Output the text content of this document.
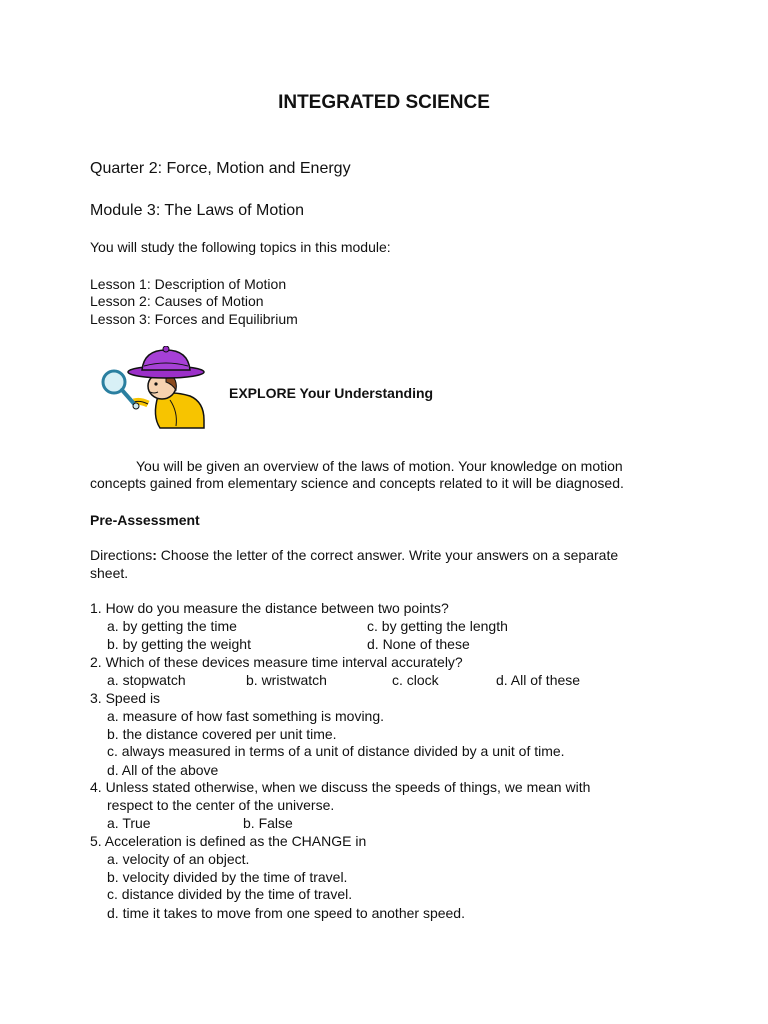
INTEGRATED SCIENCE
Quarter 2: Force, Motion and Energy
Module 3: The Laws of Motion
You will study the following topics in this module:
Lesson 1: Description of Motion
Lesson 2: Causes of Motion
Lesson 3: Forces and Equilibrium
EXPLORE Your Understanding
You will be given an overview of the laws of motion. Your knowledge on motion
concepts gained from elementary science and concepts related to it will be diagnosed.
Pre-Assessment
Directions: Choose the letter of the correct answer. Write your answers on a separate
sheet.
1. How do you measure the distance between two points?
a. by getting the time	c. by getting the length
b. by getting the weight	d. None of these
2. Which of these devices measure time interval accurately?
a. stopwatch	b. wristwatch	c. clock	d. All of these
3. Speed is
a. measure of how fast something is moving.
b. the distance covered per unit time.
c. always measured in terms of a unit of distance divided by a unit of time.
d. All of the above
4. Unless stated otherwise, when we discuss the speeds of things, we mean with
respect to the center of the universe.
a. True	b. False
5. Acceleration is defined as the CHANGE in
a. velocity of an object.
b. velocity divided by the time of travel.
c. distance divided by the time of travel.
d. time it takes to move from one speed to another speed.
